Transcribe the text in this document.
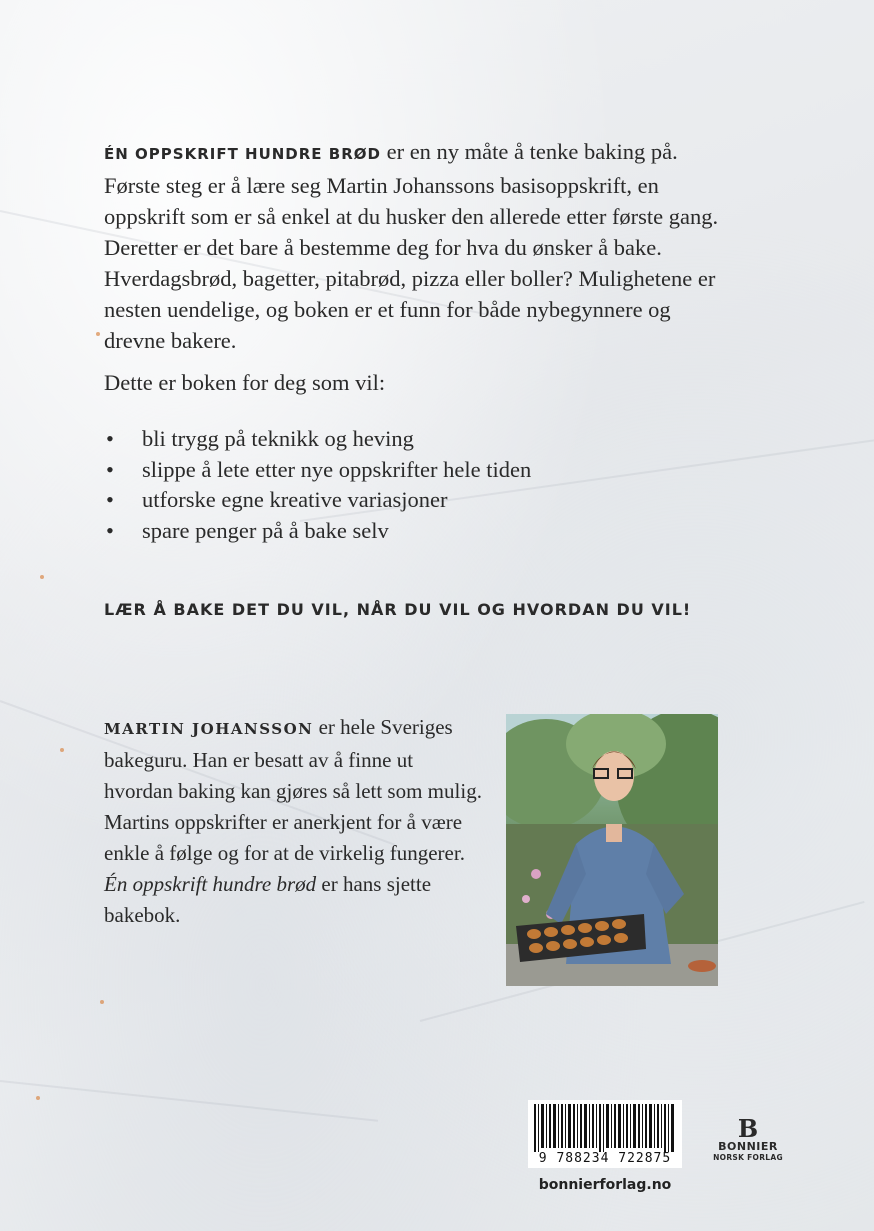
ÉN OPPSKRIFT HUNDRE BRØD er en ny måte å tenke baking på. Første steg er å lære seg Martin Johanssons basisoppskrift, en oppskrift som er så enkel at du husker den allerede etter første gang. Deretter er det bare å bestemme deg for hva du ønsker å bake. Hverdagsbrød, bagetter, pitabrød, pizza eller boller? Mulighetene er nesten uendelige, og boken er et funn for både nybegynnere og drevne bakere.
Dette er boken for deg som vil:
• bli trygg på teknikk og heving
• slippe å lete etter nye oppskrifter hele tiden
• utforske egne kreative variasjoner
• spare penger på å bake selv
LÆR Å BAKE DET DU VIL, NÅR DU VIL OG HVORDAN DU VIL!
MARTIN JOHANSSON er hele Sveriges bakeguru. Han er besatt av å finne ut hvordan baking kan gjøres så lett som mulig. Martins oppskrifter er anerkjent for å være enkle å følge og for at de virkelig fungerer. Én oppskrift hundre brød er hans sjette bakebok.
9 788234 722875
bonnierforlag.no
B
BONNIER
NORSK FORLAG
